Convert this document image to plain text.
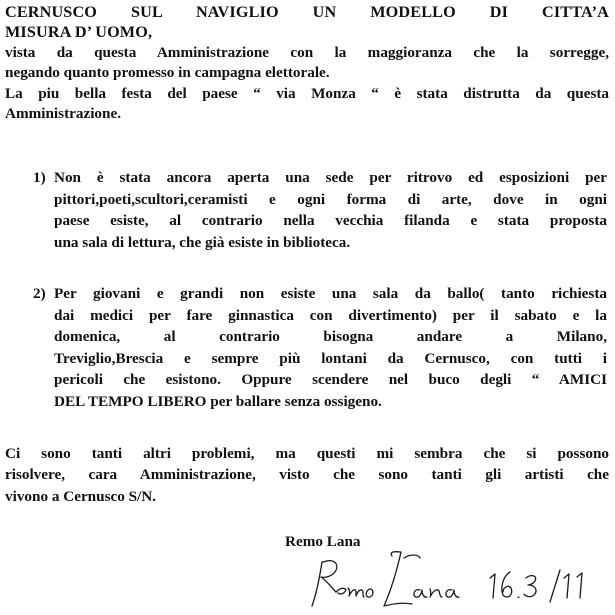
CERNUSCO SUL NAVIGLIO UN MODELLO DI CITTA’A
MISURA D’ UOMO,
vista da questa Amministrazione con la maggioranza che la sorregge,
negando quanto promesso in campagna elettorale.
La piu bella festa del paese “ via Monza “ è stata distrutta da questa
Amministrazione.
1) Non è stata ancora aperta una sede per ritrovo ed esposizioni per
pittori,poeti,scultori,ceramisti e ogni forma di arte, dove in ogni
paese esiste, al contrario nella vecchia filanda e stata proposta
una sala di lettura, che già esiste in biblioteca.
2) Per giovani e grandi non esiste una sala da ballo( tanto richiesta
dai medici per fare ginnastica con divertimento) per il sabato e la
domenica, al contrario bisogna andare a Milano,
Treviglio,Brescia e sempre più lontani da Cernusco, con tutti i
pericoli che esistono. Oppure scendere nel buco degli “ AMICI
DEL TEMPO LIBERO per ballare senza ossigeno.
Ci sono tanti altri problemi, ma questi mi sembra che si possono
risolvere, cara Amministrazione, visto che sono tanti gli artisti che
vivono a Cernusco S/N.
Remo Lana
